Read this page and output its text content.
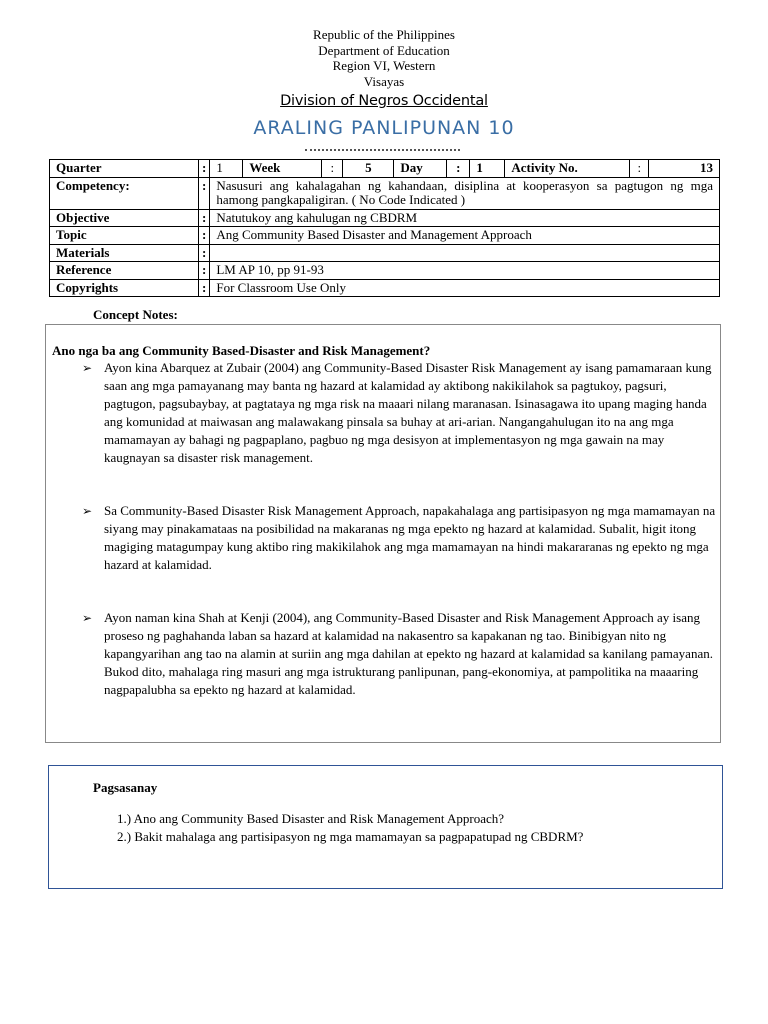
Republic of the Philippines
Department of Education
Region VI, Western
Visayas
Division of Negros Occidental
ARALING PANLIPUNAN 10
Quarter	:	1	Week	:	5	Day	:	1	Activity No.	:	13

Competency:	:	Nasusuri ang kahalagahan ng kahandaan, disiplina at kooperasyon sa pagtugon ng mga hamong pangkapaligiran. ( No Code Indicated )
Objective	:	Natutukoy ang kahulugan ng CBDRM
Topic	:	Ang Community Based Disaster and Management Approach
Materials	:	
Reference	:	LM AP 10, pp 91-93
Copyrights	:	For Classroom Use Only
Concept Notes:
Ano nga ba ang Community Based-Disaster and Risk Management?
➢ Ayon kina Abarquez at Zubair (2004) ang Community-Based Disaster Risk Management ay isang pamamaraan kung saan ang mga pamayanang may banta ng hazard at kalamidad ay aktibong nakikilahok sa pagtukoy, pagsuri, pagtugon, pagsubaybay, at pagtataya ng mga risk na maaari nilang maranasan. Isinasagawa ito upang maging handa ang komunidad at maiwasan ang malawakang pinsala sa buhay at ari-arian. Nangangahulugan ito na ang mga mamamayan ay bahagi ng pagpaplano, pagbuo ng mga desisyon at implementasyon ng mga gawain na may kaugnayan sa disaster risk management.
➢ Sa Community-Based Disaster Risk Management Approach, napakahalaga ang partisipasyon ng mga mamamayan na siyang may pinakamataas na posibilidad na makaranas ng mga epekto ng hazard at kalamidad. Subalit, higit itong magiging matagumpay kung aktibo ring makikilahok ang mga mamamayan na hindi makararanas ng epekto ng mga hazard at kalamidad.
➢ Ayon naman kina Shah at Kenji (2004), ang Community-Based Disaster and Risk Management Approach ay isang proseso ng paghahanda laban sa hazard at kalamidad na nakasentro sa kapakanan ng tao. Binibigyan nito ng kapangyarihan ang tao na alamin at suriin ang mga dahilan at epekto ng hazard at kalamidad sa kanilang pamayanan. Bukod dito, mahalaga ring masuri ang mga istrukturang panlipunan, pang-ekonomiya, at pampolitika na maaaring nagpapalubha sa epekto ng hazard at kalamidad.
Pagsasanay
1.) Ano ang Community Based Disaster and Risk Management Approach?
2.) Bakit mahalaga ang partisipasyon ng mga mamamayan sa pagpapatupad ng CBDRM?
